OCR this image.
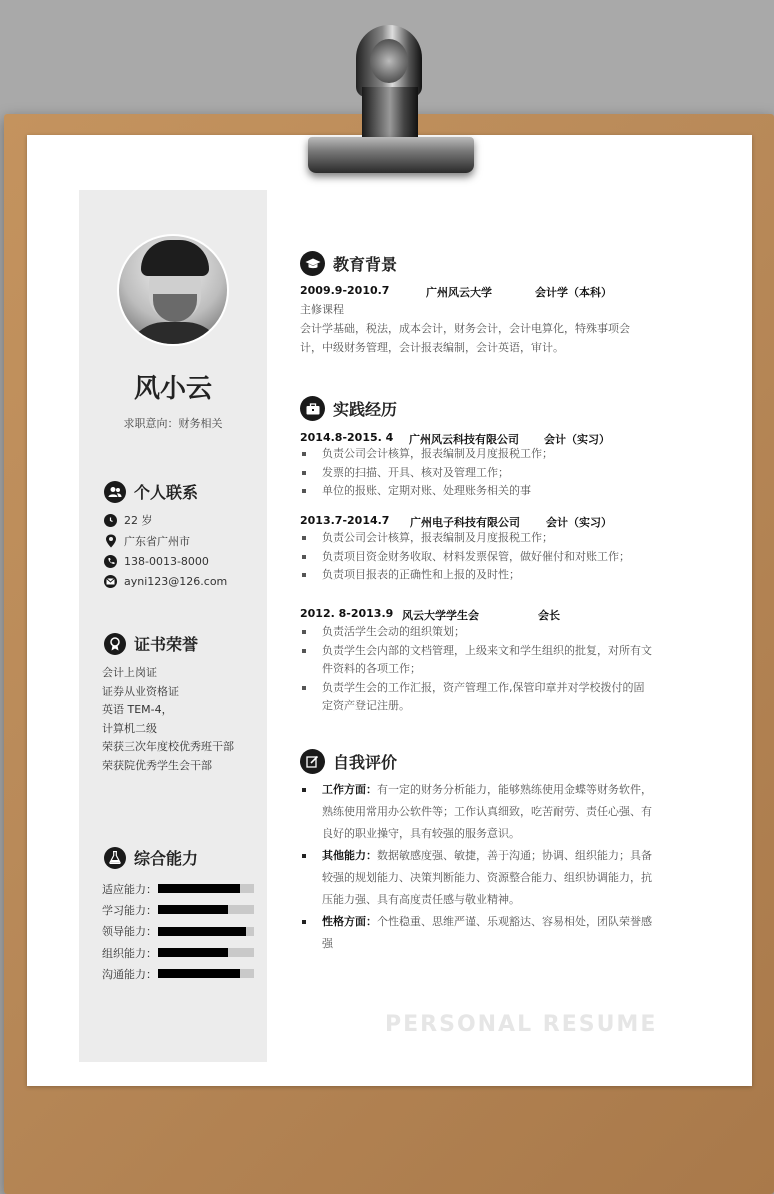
风小云
求职意向：财务相关
个人联系
22 岁
广东省广州市
138-0013-8000
ayni123@126.com
证书荣誉
会计上岗证
证券从业资格证
英语 TEM-4，
计算机二级
荣获三次年度校优秀班干部
荣获院优秀学生会干部
综合能力
适应能力：
学习能力：
领导能力：
组织能力：
沟通能力：
教育背景
2009.9-2010.7	广州风云大学	会计学（本科）
主修课程
会计学基础，税法，成本会计，财务会计，会计电算化，特殊事项会计，中级财务管理，会计报表编制，会计英语，审计。
实践经历
2014.8-2015. 4 广州风云科技有限公司 会计（实习）
负责公司会计核算，报表编制及月度报税工作；
发票的扫描、开具、核对及管理工作；
单位的报账、定期对账、处理账务相关的事
2013.7-2014.7 广州电子科技有限公司 会计（实习）
负责公司会计核算，报表编制及月度报税工作；
负责项目资金财务收取、材料发票保管，做好催付和对账工作；
负责项目报表的正确性和上报的及时性；
2012. 8-2013.9 风云大学学生会	会长
负责活学生会动的组织策划；
负责学生会内部的文档管理，上级来文和学生组织的批复，对所有文件资料的各项工作；
负责学生会的工作汇报，资产管理工作,保管印章并对学校拨付的固定资产登记注册。
自我评价
工作方面：有一定的财务分析能力，能够熟练使用金蝶等财务软件，熟练使用常用办公软件等；工作认真细致，吃苦耐劳、责任心强、有良好的职业操守，具有较强的服务意识。
其他能力：数据敏感度强、敏捷，善于沟通；协调、组织能力；具备较强的规划能力、决策判断能力、资源整合能力、组织协调能力，抗压能力强、具有高度责任感与敬业精神。
性格方面：个性稳重、思维严谨、乐观豁达、容易相处，团队荣誉感强
PERSONAL RESUME
